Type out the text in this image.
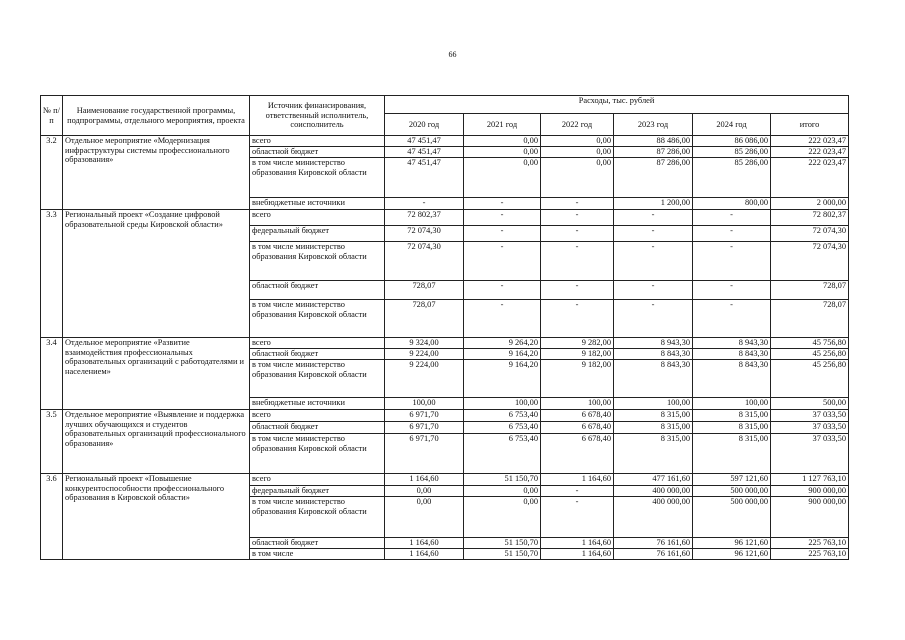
66
№ п/п	Наименование государственной программы, подпрограммы, отдельного мероприятия, проекта	Источник финансирования, ответственный исполнитель, соисполнитель	Расходы, тыс. рублей					
			2020 год	2021 год	2022 год	2023 год	2024 год	итого
3.2	Отдельное мероприятие «Модернизация инфраструктуры системы профессионального образования»	всего	47 451,47	0,00	0,00	88 486,00	86 086,00	222 023,47
		областной бюджет	47 451,47	0,00	0,00	87 286,00	85 286,00	222 023,47
		в том числе министерство образования Кировской области	47 451,47	0,00	0,00	87 286,00	85 286,00	222 023,47
		внебюджетные источники	-	-	-	1 200,00	800,00	2 000,00
3.3	Региональный проект «Создание цифровой образовательной среды Кировской области»	всего	72 802,37	-	-	-	-	72 802,37
		федеральный бюджет	72 074,30	-	-	-	-	72 074,30
		в том числе министерство образования Кировской области	72 074,30	-	-	-	-	72 074,30
		областной бюджет	728,07	-	-	-	-	728,07
		в том числе министерство образования Кировской области	728,07	-	-	-	-	728,07
3.4	Отдельное мероприятие «Развитие взаимодействия профессиональных образовательных организаций с работодателями и населением»	всего	9 324,00	9 264,20	9 282,00	8 943,30	8 943,30	45 756,80
		областной бюджет	9 224,00	9 164,20	9 182,00	8 843,30	8 843,30	45 256,80
		в том числе министерство образования Кировской области	9 224,00	9 164,20	9 182,00	8 843,30	8 843,30	45 256,80
		внебюджетные источники	100,00	100,00	100,00	100,00	100,00	500,00
3.5	Отдельное мероприятие «Выявление и поддержка лучших обучающихся и студентов образовательных организаций профессионального образования»	всего	6 971,70	6 753,40	6 678,40	8 315,00	8 315,00	37 033,50
		областной бюджет	6 971,70	6 753,40	6 678,40	8 315,00	8 315,00	37 033,50
		в том числе министерство образования Кировской области	6 971,70	6 753,40	6 678,40	8 315,00	8 315,00	37 033,50
3.6	Региональный проект «Повышение конкурентоспособности профессионального образования в Кировской области»	всего	1 164,60	51 150,70	1 164,60	477 161,60	597 121,60	1 127 763,10
		федеральный бюджет	0,00	0,00	-	400 000,00	500 000,00	900 000,00
		в том числе министерство образования Кировской области	0,00	0,00	-	400 000,00	500 000,00	900 000,00
		областной бюджет	1 164,60	51 150,70	1 164,60	76 161,60	96 121,60	225 763,10
		в том числе	1 164,60	51 150,70	1 164,60	76 161,60	96 121,60	225 763,10
